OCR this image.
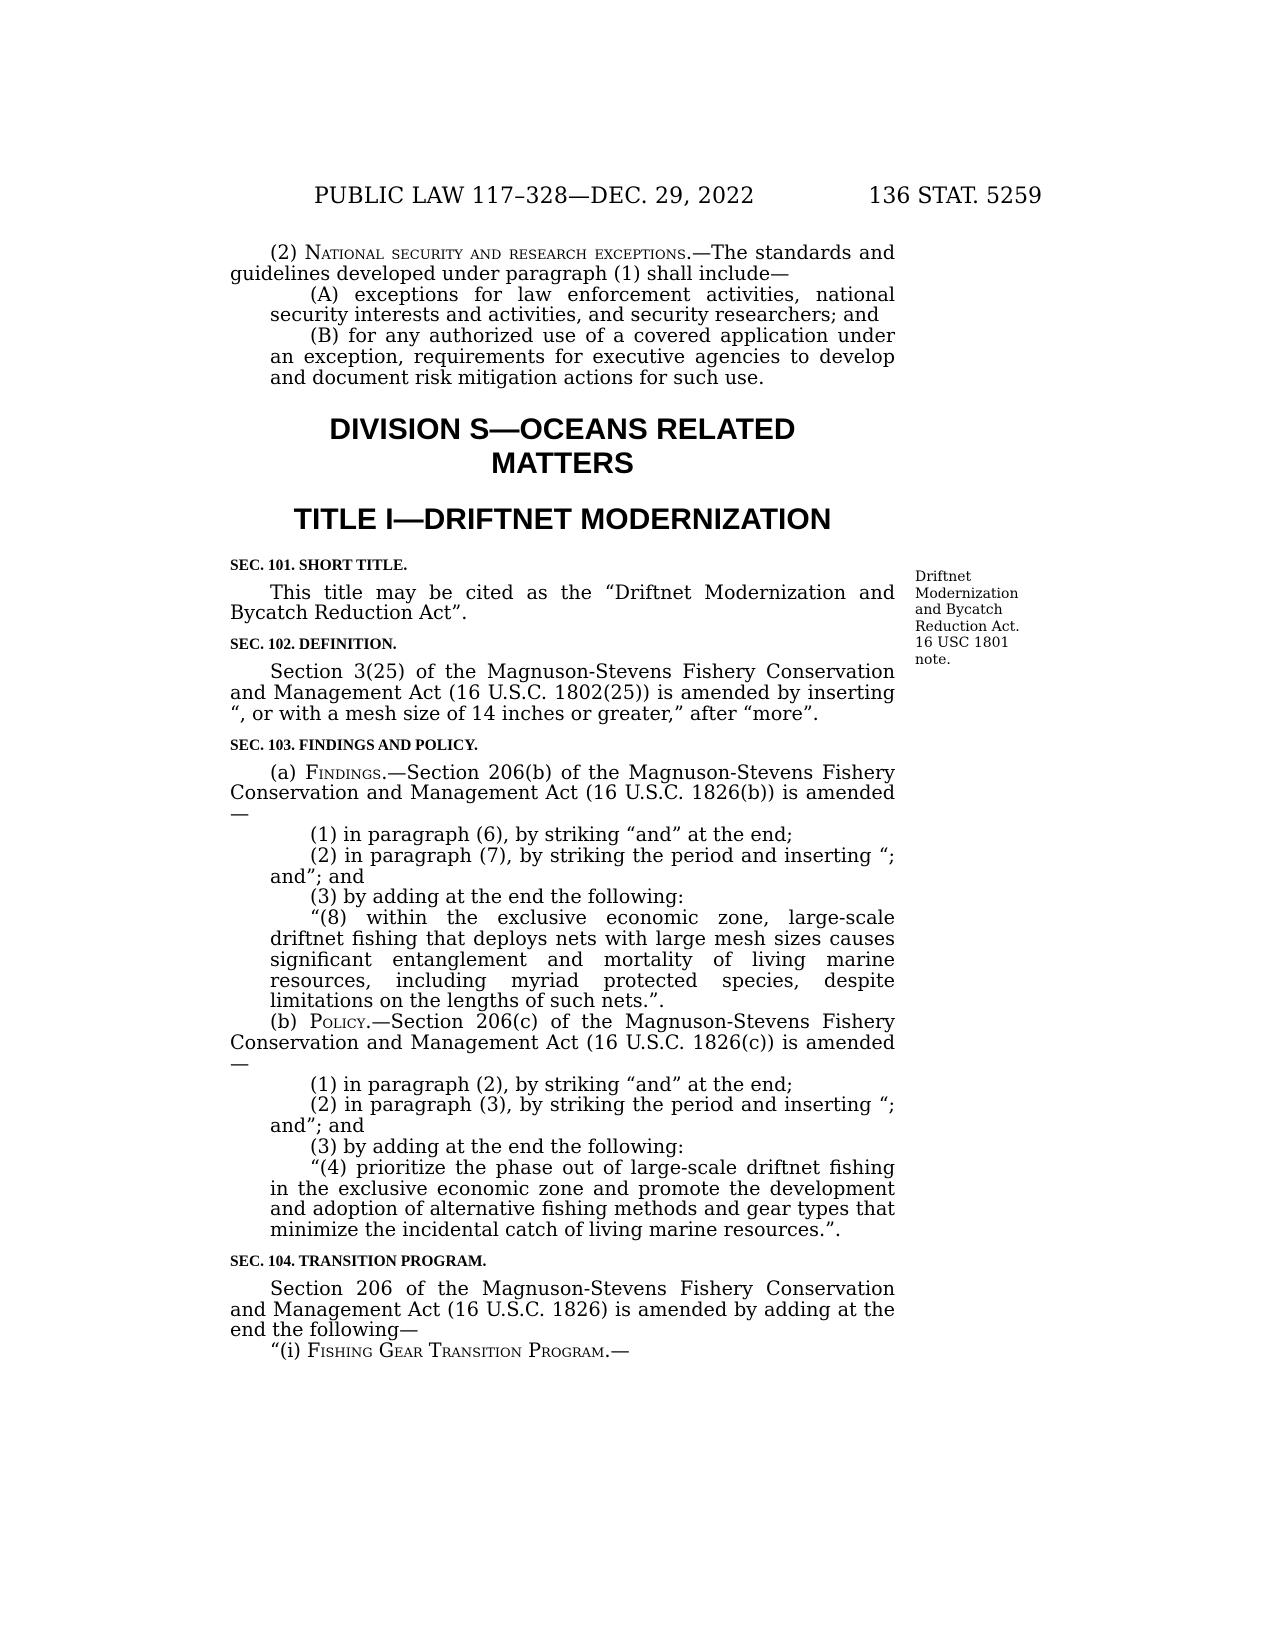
PUBLIC LAW 117–328—DEC. 29, 2022	136 STAT. 5259

(2) National security and research exceptions.—The standards and guidelines developed under paragraph (1) shall include—

(A) exceptions for law enforcement activities, national security interests and activities, and security researchers; and

(B) for any authorized use of a covered application under an exception, requirements for executive agencies to develop and document risk mitigation actions for such use.

DIVISION S—OCEANS RELATED MATTERS
TITLE I—DRIFTNET MODERNIZATION
SEC. 101. SHORT TITLE.

This title may be cited as the “Driftnet Modernization and Bycatch Reduction Act”.

SEC. 102. DEFINITION.

Section 3(25) of the Magnuson-Stevens Fishery Conservation and Management Act (16 U.S.C. 1802(25)) is amended by inserting “, or with a mesh size of 14 inches or greater,” after “more”.

SEC. 103. FINDINGS AND POLICY.

(a) Findings.—Section 206(b) of the Magnuson-Stevens Fishery Conservation and Management Act (16 U.S.C. 1826(b)) is amended—

(1) in paragraph (6), by striking “and” at the end;

(2) in paragraph (7), by striking the period and inserting “; and”; and

(3) by adding at the end the following:

“(8) within the exclusive economic zone, large-scale driftnet fishing that deploys nets with large mesh sizes causes significant entanglement and mortality of living marine resources, including myriad protected species, despite limitations on the lengths of such nets.”.

(b) Policy.—Section 206(c) of the Magnuson-Stevens Fishery Conservation and Management Act (16 U.S.C. 1826(c)) is amended—

(1) in paragraph (2), by striking “and” at the end;

(2) in paragraph (3), by striking the period and inserting “; and”; and

(3) by adding at the end the following:

“(4) prioritize the phase out of large-scale driftnet fishing in the exclusive economic zone and promote the development and adoption of alternative fishing methods and gear types that minimize the incidental catch of living marine resources.”.

SEC. 104. TRANSITION PROGRAM.

Section 206 of the Magnuson-Stevens Fishery Conservation and Management Act (16 U.S.C. 1826) is amended by adding at the end the following—

“(i) Fishing Gear Transition Program.—

Driftnet
Modernization
and Bycatch
Reduction Act.
16 USC 1801
note.
